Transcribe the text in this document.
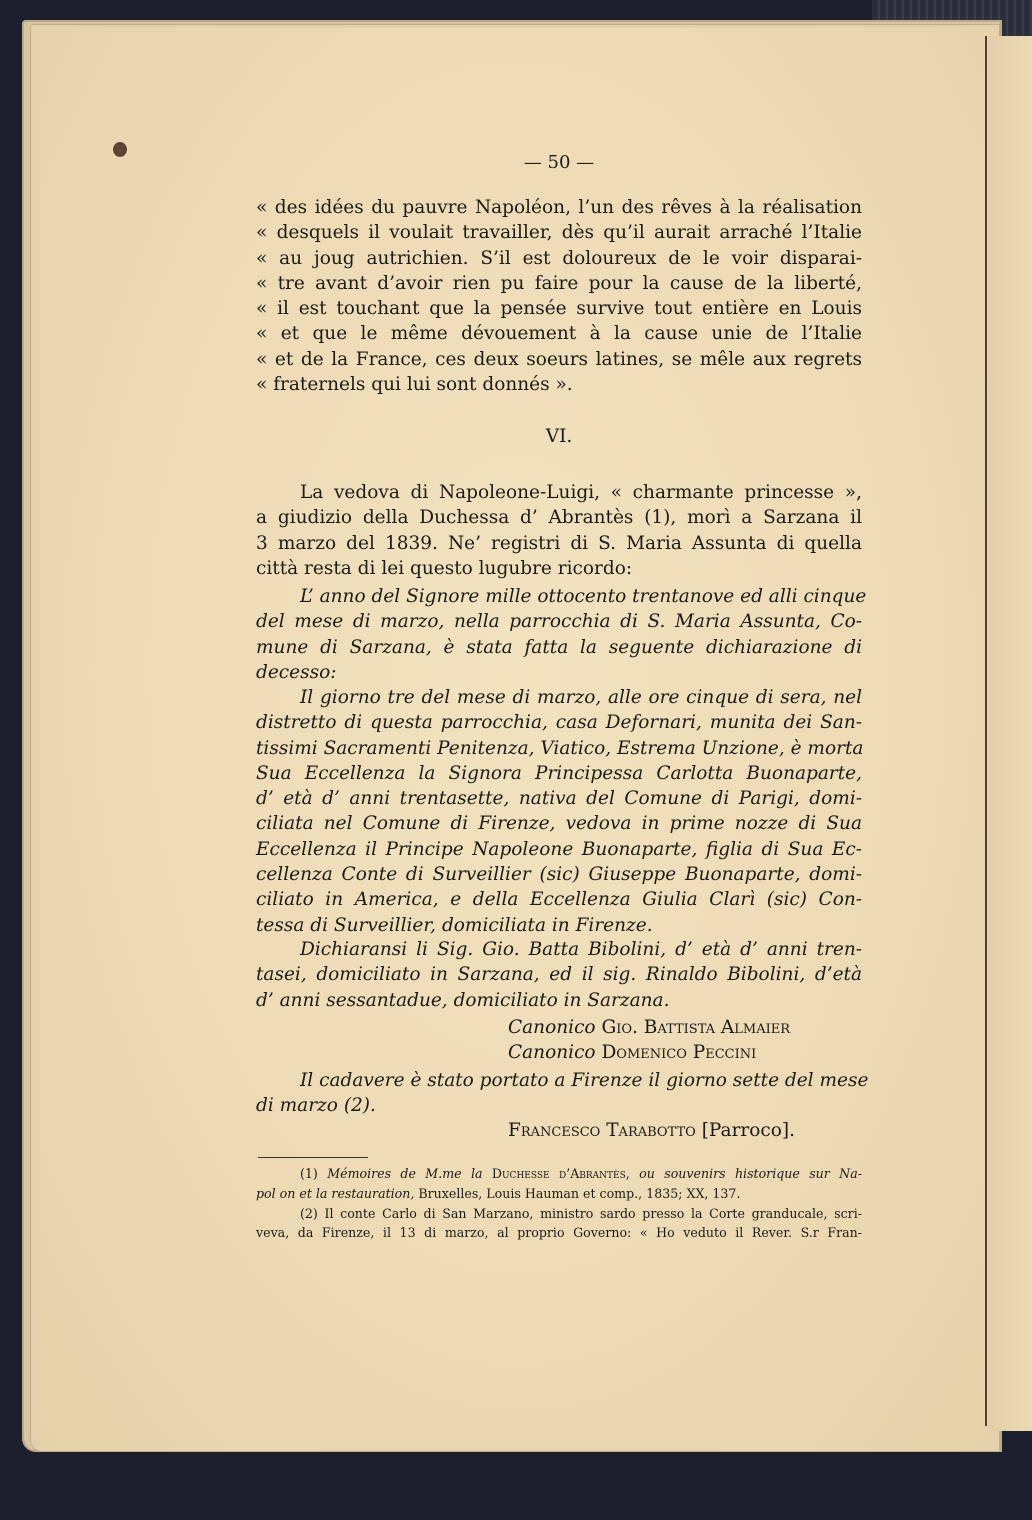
— 50 —
« des idées du pauvre Napoléon, l’un des rêves à la réalisation
« desquels il voulait travailler, dès qu’il aurait arraché l’Italie
« au joug autrichien. S’il est doloureux de le voir disparai-
« tre avant d’avoir rien pu faire pour la cause de la liberté,
« il est touchant que la pensée survive tout entière en Louis
« et que le même dévouement à la cause unie de l’Italie
« et de la France, ces deux soeurs latines, se mêle aux regrets
« fraternels qui lui sont donnés ».
VI.
La vedova di Napoleone-Luigi, « charmante princesse »,
a giudizio della Duchessa d’ Abrantès (1), morì a Sarzana il
3 marzo del 1839. Ne’ registri di S. Maria Assunta di quella
città resta di lei questo lugubre ricordo:
L’ anno del Signore mille ottocento trentanove ed alli cinque
del mese di marzo, nella parrocchia di S. Maria Assunta, Co-
mune di Sarzana, è stata fatta la seguente dichiarazione di
decesso:
Il giorno tre del mese di marzo, alle ore cinque di sera, nel
distretto di questa parrocchia, casa Defornari, munita dei San-
tissimi Sacramenti Penitenza, Viatico, Estrema Unzione, è morta
Sua Eccellenza la Signora Principessa Carlotta Buonaparte,
d’ età d’ anni trentasette, nativa del Comune di Parigi, domi-
ciliata nel Comune di Firenze, vedova in prime nozze di Sua
Eccellenza il Principe Napoleone Buonaparte, figlia di Sua Ec-
cellenza Conte di Surveillier (sic) Giuseppe Buonaparte, domi-
ciliato in America, e della Eccellenza Giulia Clarì (sic) Con-
tessa di Surveillier, domiciliata in Firenze.
Dichiaransi li Sig. Gio. Batta Bibolini, d’ età d’ anni tren-
tasei, domiciliato in Sarzana, ed il sig. Rinaldo Bibolini, d’età
d’ anni sessantadue, domiciliato in Sarzana.
Canonico Gio. Battista Almaier
Canonico Domenico Peccini
Il cadavere è stato portato a Firenze il giorno sette del mese
di marzo (2).
Francesco Tarabotto [Parroco].
(1) Mémoires de M.me la Duchesse d’Abrantès, ou souvenirs historique sur Na-
pol on et la restauration, Bruxelles, Louis Hauman et comp., 1835; XX, 137.
(2) Il conte Carlo di San Marzano, ministro sardo presso la Corte granducale, scri-
veva, da Firenze, il 13 di marzo, al proprio Governo: « Ho veduto il Rever. S.r Fran-
